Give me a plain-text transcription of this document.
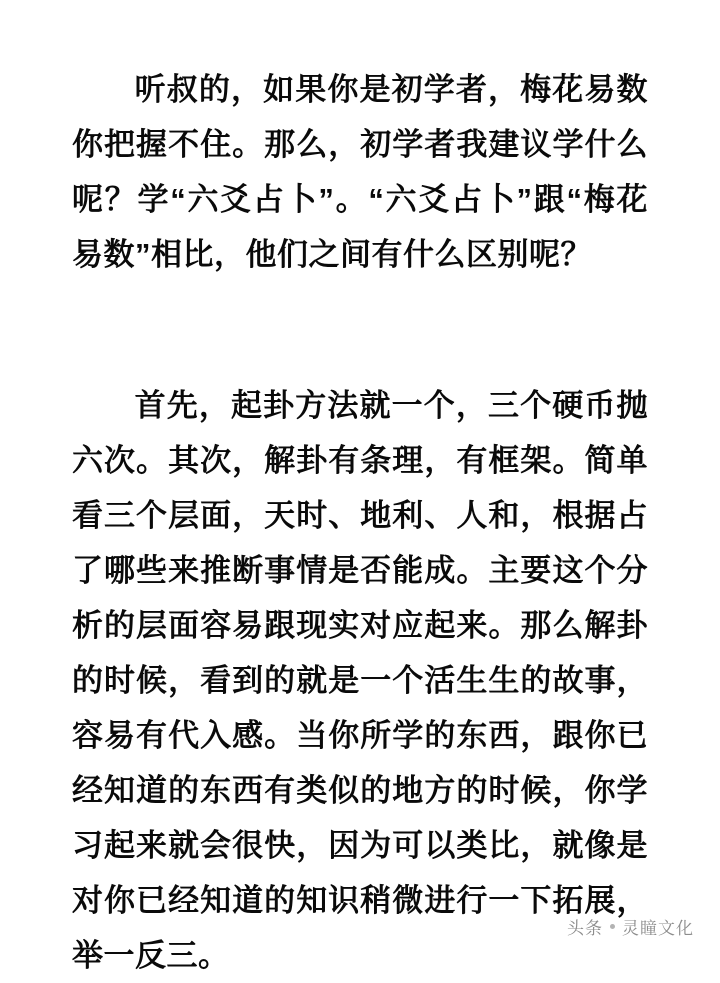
听叔的，如果你是初学者，梅花易数你把握不住。那么，初学者我建议学什么呢？学“六爻占卜”。“六爻占卜”跟“梅花易数”相比，他们之间有什么区别呢？

首先，起卦方法就一个，三个硬币抛六次。其次，解卦有条理，有框架。简单看三个层面，天时、地利、人和，根据占了哪些来推断事情是否能成。主要这个分析的层面容易跟现实对应起来。那么解卦的时候，看到的就是一个活生生的故事，容易有代入感。当你所学的东西，跟你已经知道的东西有类似的地方的时候，你学习起来就会很快，因为可以类比，就像是对你已经知道的知识稍微进行一下拓展，举一反三。

头条 灵瞳文化
